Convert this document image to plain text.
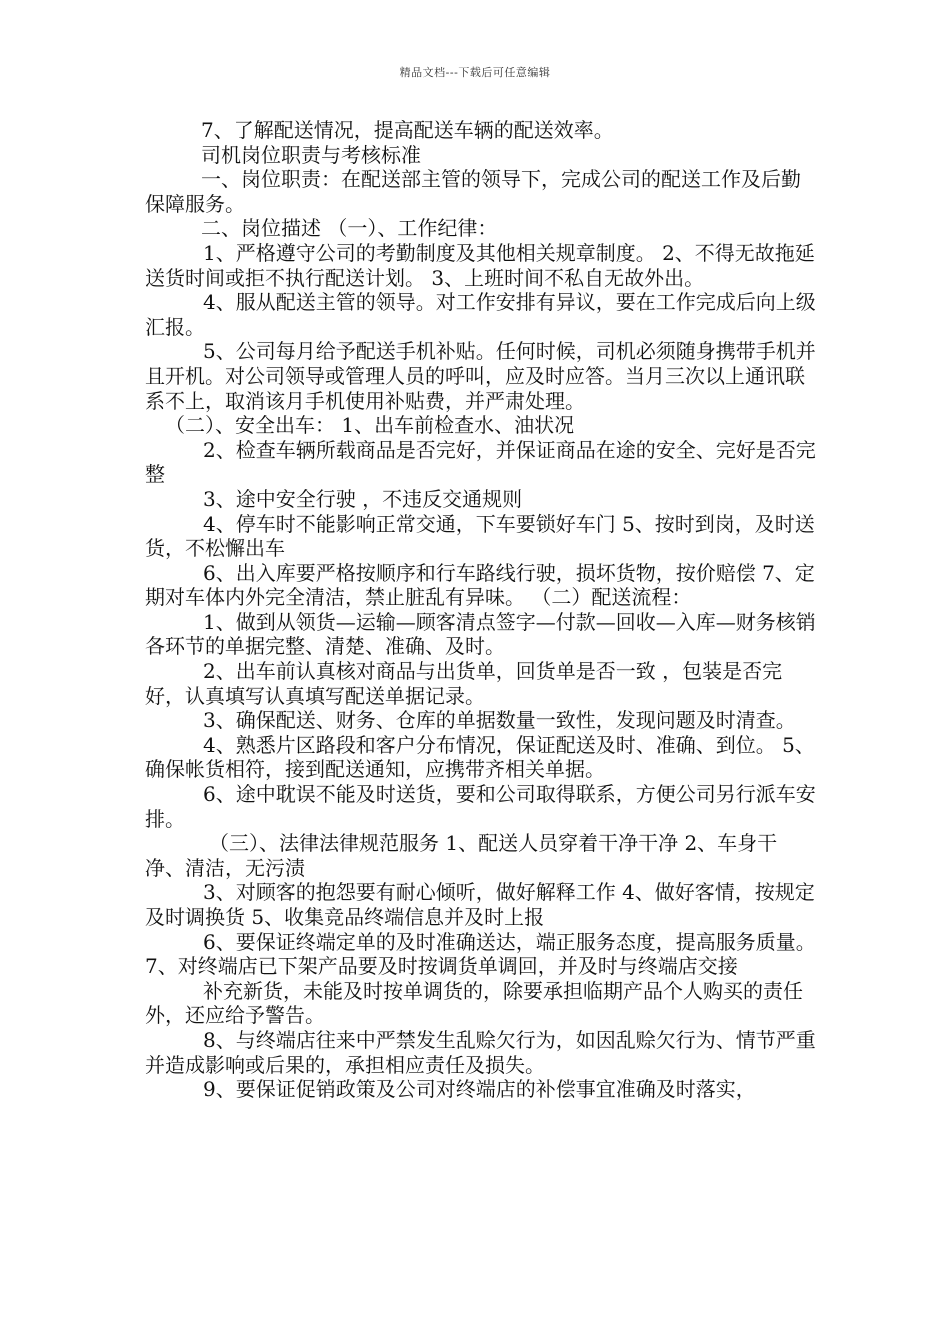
精品文档---下载后可任意编辑

7、了解配送情况，提高配送车辆的配送效率。

司机岗位职责与考核标准

一、岗位职责：在配送部主管的领导下，完成公司的配送工作及后勤保障服务。

二、岗位描述 （一）、工作纪律：

1、严格遵守公司的考勤制度及其他相关规章制度。 2、不得无故拖延送货时间或拒不执行配送计划。 3、上班时间不私自无故外出。

4、服从配送主管的领导。对工作安排有异议，要在工作完成后向上级汇报。

5、公司每月给予配送手机补贴。任何时候，司机必须随身携带手机并且开机。对公司领导或管理人员的呼叫，应及时应答。当月三次以上通讯联系不上，取消该月手机使用补贴费，并严肃处理。

（二）、安全出车： 1、出车前检查水、油状况

2、检查车辆所载商品是否完好，并保证商品在途的安全、完好是否完整

3、途中安全行驶 ，不违反交通规则

4、停车时不能影响正常交通，下车要锁好车门 5、按时到岗，及时送货，不松懈出车

6、出入库要严格按顺序和行车路线行驶，损坏货物，按价赔偿 7、定期对车体内外完全清洁，禁止脏乱有异味。 （二）配送流程：

1、做到从领货—运输—顾客清点签字—付款—回收—入库—财务核销各环节的单据完整、清楚、准确、及时。

2、出车前认真核对商品与出货单，回货单是否一致 ，包装是否完好，认真填写认真填写配送单据记录。

3、确保配送、财务、仓库的单据数量一致性，发现问题及时清查。

4、熟悉片区路段和客户分布情况，保证配送及时、准确、到位。 5、确保帐货相符，接到配送通知，应携带齐相关单据。

6、途中耽误不能及时送货，要和公司取得联系，方便公司另行派车安排。

（三）、法律法律规范服务 1、配送人员穿着干净干净 2、车身干净、清洁，无污渍

3、对顾客的抱怨要有耐心倾听，做好解释工作 4、做好客情，按规定及时调换货 5、收集竞品终端信息并及时上报

6、要保证终端定单的及时准确送达，端正服务态度，提高服务质量。 7、对终端店已下架产品要及时按调货单调回，并及时与终端店交接

补充新货，未能及时按单调货的，除要承担临期产品个人购买的责任外，还应给予警告。

8、与终端店往来中严禁发生乱赊欠行为，如因乱赊欠行为、情节严重并造成影响或后果的，承担相应责任及损失。

9、要保证促销政策及公司对终端店的补偿事宜准确及时落实，
